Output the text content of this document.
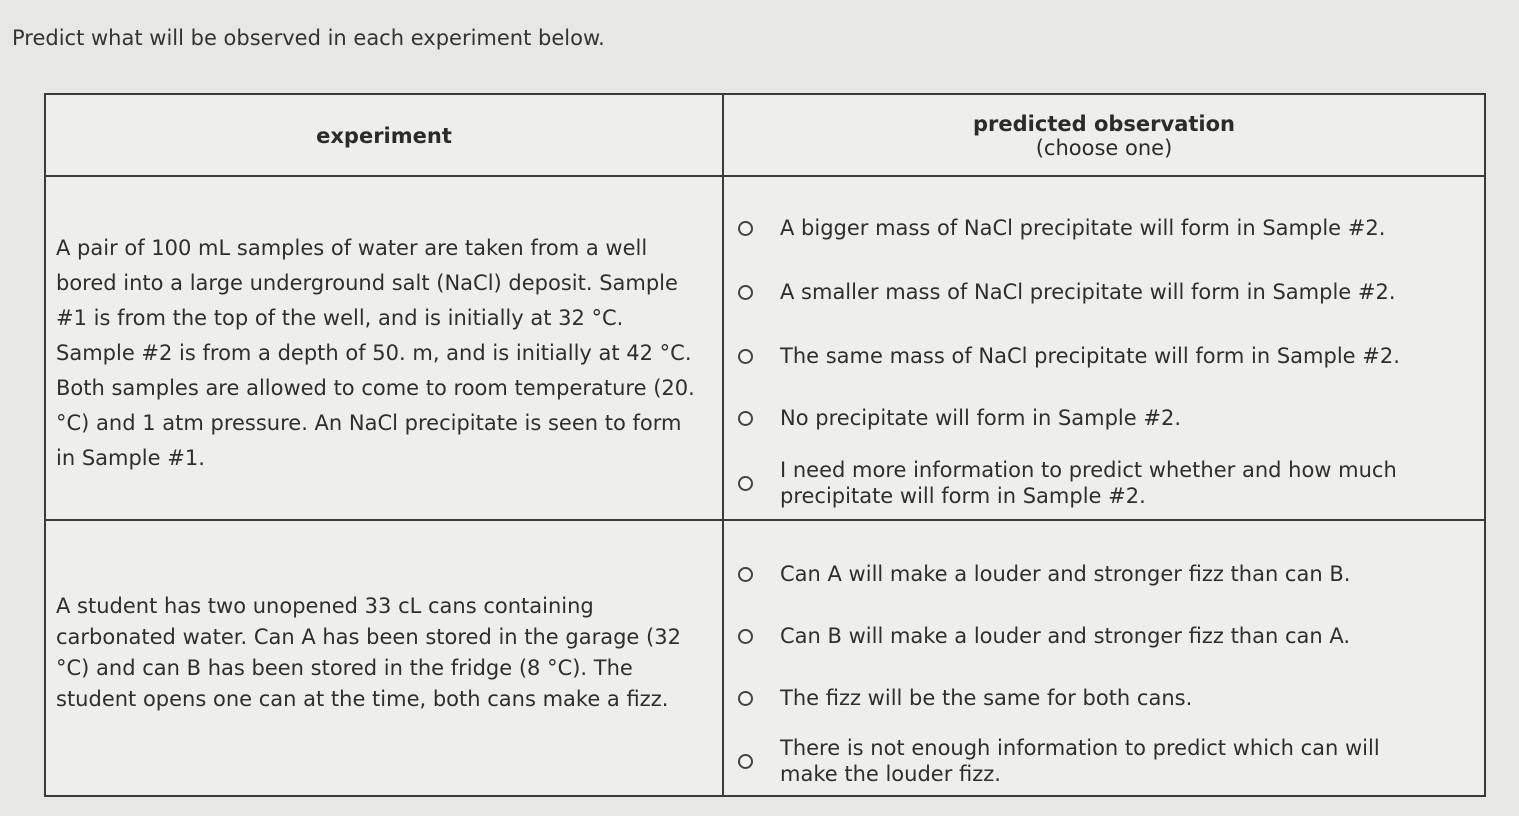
Predict what will be observed in each experiment below.
experiment	predicted observation
(choose one)
A pair of 100 mL samples of water are taken from a well bored into a large underground salt (NaCl) deposit. Sample #1 is from the top of the well, and is initially at 32 °C. Sample #2 is from a depth of 50. m, and is initially at 42 °C. Both samples are allowed to come to room temperature (20. °C) and 1 atm pressure. An NaCl precipitate is seen to form in Sample #1.
A bigger mass of NaCl precipitate will form in Sample #2.
A smaller mass of NaCl precipitate will form in Sample #2.
The same mass of NaCl precipitate will form in Sample #2.
No precipitate will form in Sample #2.
I need more information to predict whether and how much precipitate will form in Sample #2.
A student has two unopened 33 cL cans containing carbonated water. Can A has been stored in the garage (32 °C) and can B has been stored in the fridge (8 °C). The student opens one can at the time, both cans make a fizz.
Can A will make a louder and stronger fizz than can B.
Can B will make a louder and stronger fizz than can A.
The fizz will be the same for both cans.
There is not enough information to predict which can will make the louder fizz.
